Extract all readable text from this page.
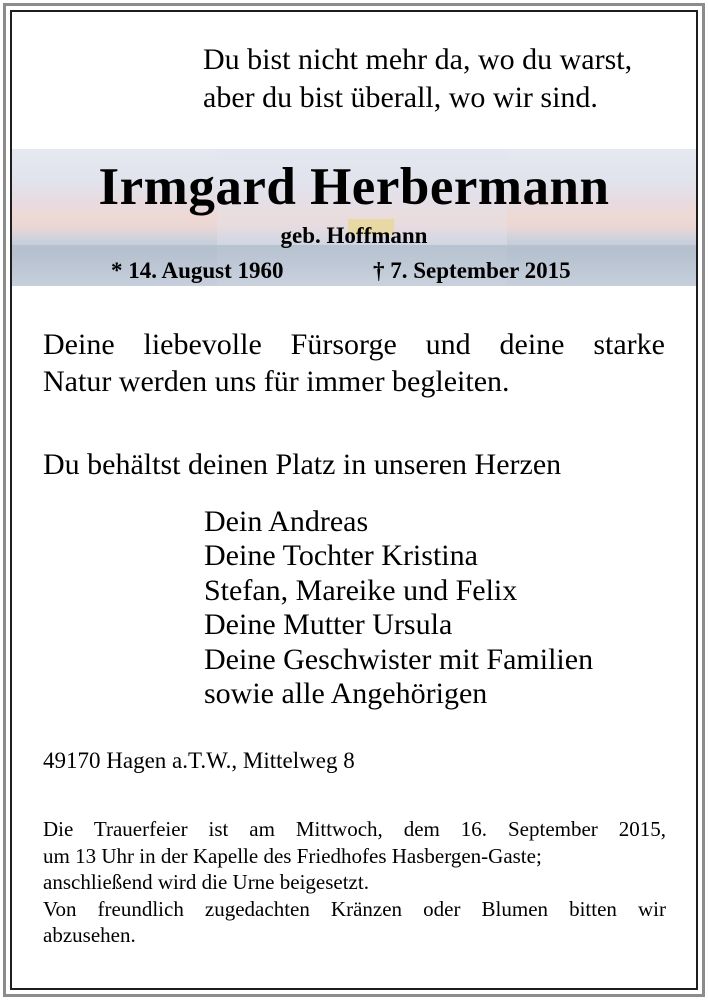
Du bist nicht mehr da, wo du warst,
aber du bist überall, wo wir sind.
Irmgard Herbermann
geb. Hoffmann
* 14. August 1960	† 7. September 2015
Deine liebevolle Fürsorge und deine starke
Natur werden uns für immer begleiten.
Du behältst deinen Platz in unseren Herzen
Dein Andreas
Deine Tochter Kristina
Stefan, Mareike und Felix
Deine Mutter Ursula
Deine Geschwister mit Familien
sowie alle Angehörigen
49170 Hagen a.T.W., Mittelweg 8
Die Trauerfeier ist am Mittwoch, dem 16. September 2015,
um 13 Uhr in der Kapelle des Friedhofes Hasbergen-Gaste;
anschließend wird die Urne beigesetzt.
Von freundlich zugedachten Kränzen oder Blumen bitten wir
abzusehen.
